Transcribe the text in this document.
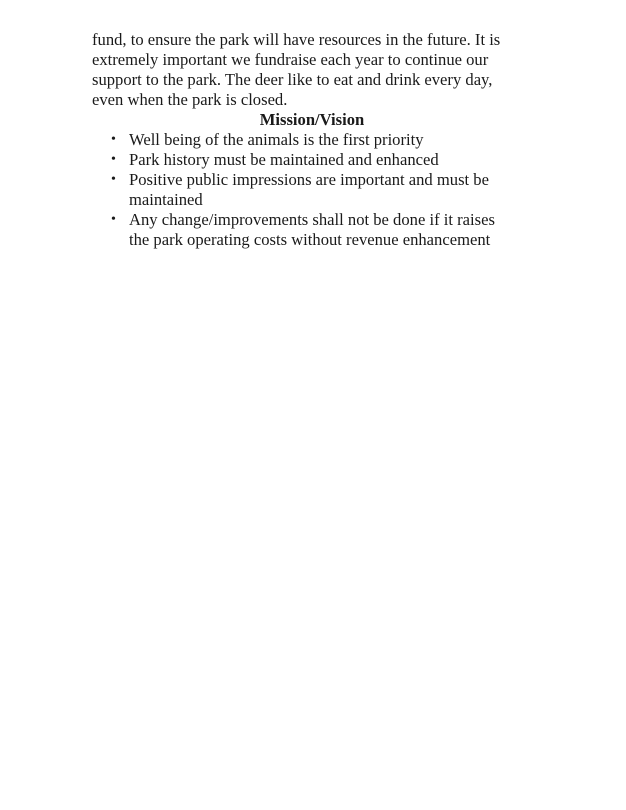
fund, to ensure the park will have resources in the future. It is
extremely important we fundraise each year to continue our
support to the park. The deer like to eat and drink every day,
even when the park is closed.
Mission/Vision
• Well being of the animals is the first priority
• Park history must be maintained and enhanced
• Positive public impressions are important and must be
maintained
• Any change/improvements shall not be done if it raises
the park operating costs without revenue enhancement
